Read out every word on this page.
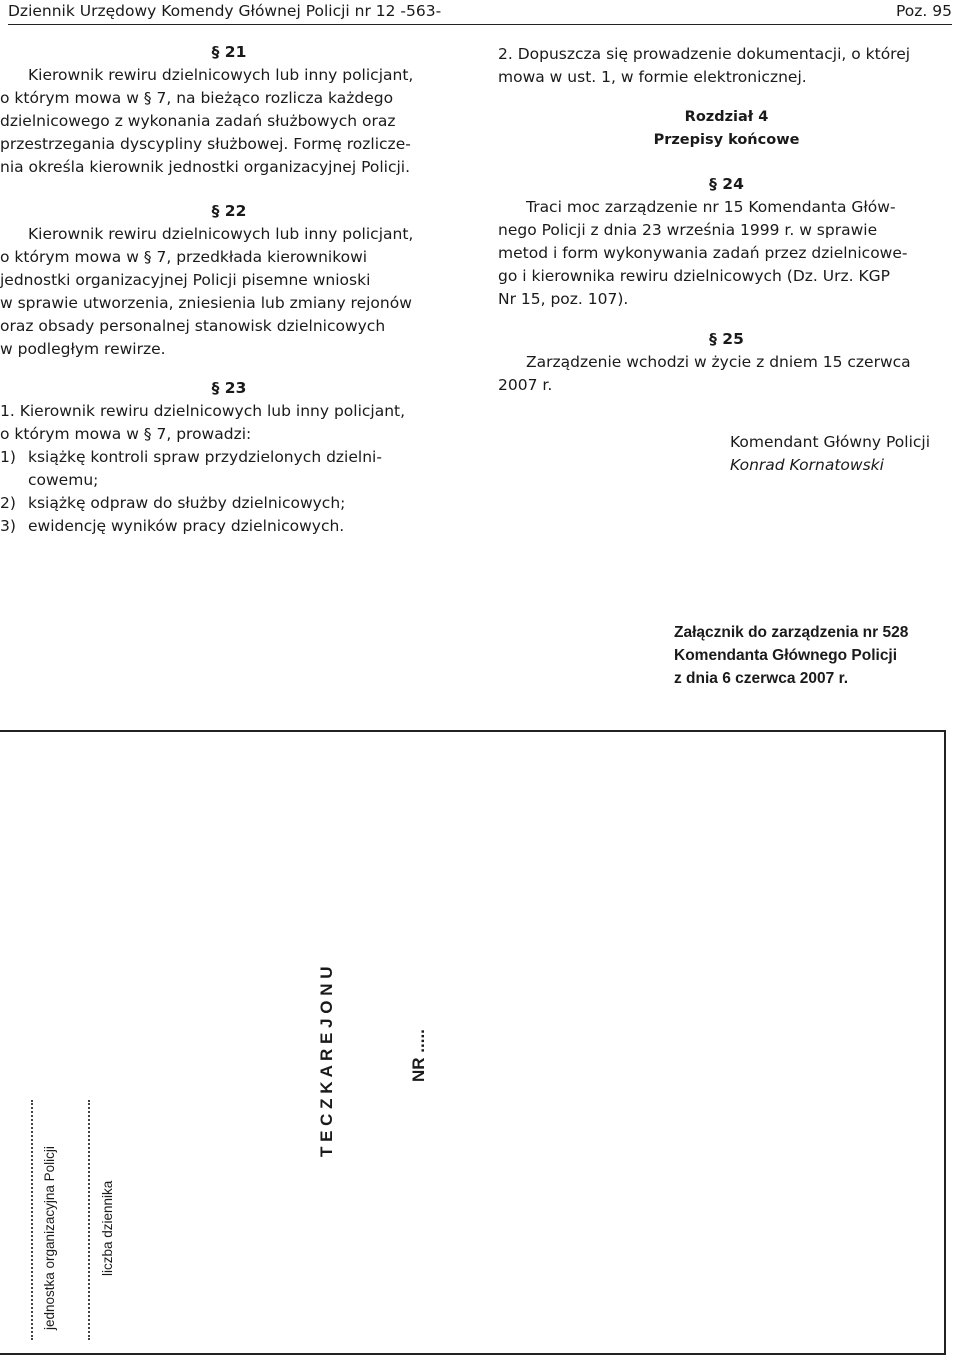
Dziennik Urzędowy Komendy Głównej Policji nr 12 -563-	Poz. 95

§ 21

Kierownik rewiru dzielnicowych lub inny policjant,

o którym mowa w § 7, na bieżąco rozlicza każdego

dzielnicowego z wykonania zadań służbowych oraz

przestrzegania dyscypliny służbowej. Formę rozlicze-

nia określa kierownik jednostki organizacyjnej Policji.

§ 22

Kierownik rewiru dzielnicowych lub inny policjant,

o którym mowa w § 7, przedkłada kierownikowi

jednostki organizacyjnej Policji pisemne wnioski

w sprawie utworzenia, zniesienia lub zmiany rejonów

oraz obsady personalnej stanowisk dzielnicowych

w podległym rewirze.

§ 23

1. Kierownik rewiru dzielnicowych lub inny policjant,

o którym mowa w § 7, prowadzi:

1) książkę kontroli spraw przydzielonych dzielni-
cowemu;
2) książkę odpraw do służby dzielnicowych;
3) ewidencję wyników pracy dzielnicowych.

2. Dopuszcza się prowadzenie dokumentacji, o której

mowa w ust. 1, w formie elektronicznej.

Rozdział 4

Przepisy końcowe

§ 24

Traci moc zarządzenie nr 15 Komendanta Głów-

nego Policji z dnia 23 września 1999 r. w sprawie

metod i form wykonywania zadań przez dzielnicowe-

go i kierownika rewiru dzielnicowych (Dz. Urz. KGP

Nr 15, poz. 107).

§ 25

Zarządzenie wchodzi w życie z dniem 15 czerwca

2007 r.

Komendant Główny Policji

Konrad Kornatowski

Załącznik do zarządzenia nr 528
Komendanta Głównego Policji
z dnia 6 czerwca 2007 r.
jednostka organizacyjna Policji	liczba dziennika
T E C Z K A R E J O N U	NR .....
